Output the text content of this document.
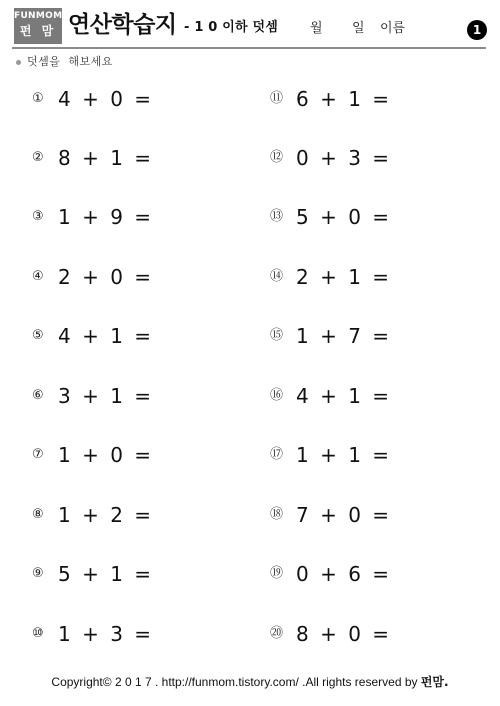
FUNMOM
펀 맘 연산학습지 - 1 0 이하 덧셈 월 일 이름	1
덧셈을 해보세요
① 4 + 0 =
② 8 + 1 =
③ 1 + 9 =
④ 2 + 0 =
⑤ 4 + 1 =
⑥ 3 + 1 =
⑦ 1 + 0 =
⑧ 1 + 2 =
⑨ 5 + 1 =
⑩ 1 + 3 =
⑪ 6 + 1 =
⑫ 0 + 3 =
⑬ 5 + 0 =
⑭ 2 + 1 =
⑮ 1 + 7 =
⑯ 4 + 1 =
⑰ 1 + 1 =
⑱ 7 + 0 =
⑲ 0 + 6 =
⑳ 8 + 0 =
Copyright© 2 0 1 7 . http://funmom.tistory.com/ .All rights reserved by 펀맘.
